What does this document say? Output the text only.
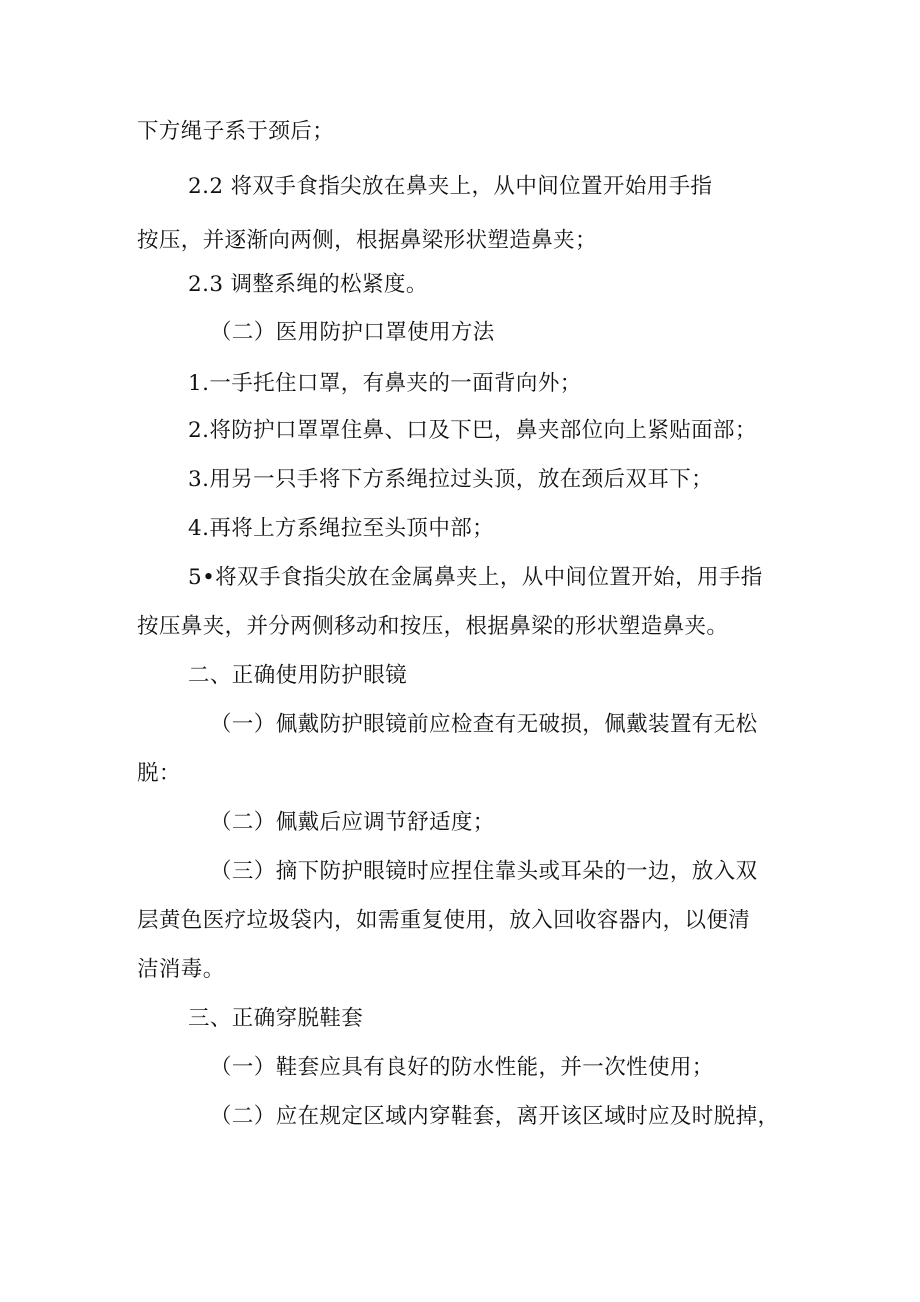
下方绳子系于颈后；
2.2 将双手食指尖放在鼻夹上，从中间位置开始用手指
按压，并逐渐向两侧，根据鼻梁形状塑造鼻夹；
2.3 调整系绳的松紧度。
（二）医用防护口罩使用方法
1.一手托住口罩，有鼻夹的一面背向外；
2.将防护口罩罩住鼻、口及下巴，鼻夹部位向上紧贴面部；
3.用另一只手将下方系绳拉过头顶，放在颈后双耳下；
4.再将上方系绳拉至头顶中部；
5•将双手食指尖放在金属鼻夹上，从中间位置开始，用手指
按压鼻夹，并分两侧移动和按压，根据鼻梁的形状塑造鼻夹。
二、正确使用防护眼镜
（一）佩戴防护眼镜前应检查有无破损，佩戴装置有无松
脱：
（二）佩戴后应调节舒适度；
（三）摘下防护眼镜时应捏住靠头或耳朵的一边，放入双
层黄色医疗垃圾袋内，如需重复使用，放入回收容器内，以便清
洁消毒。
三、正确穿脱鞋套
（一）鞋套应具有良好的防水性能，并一次性使用；
（二）应在规定区域内穿鞋套，离开该区域时应及时脱掉，
